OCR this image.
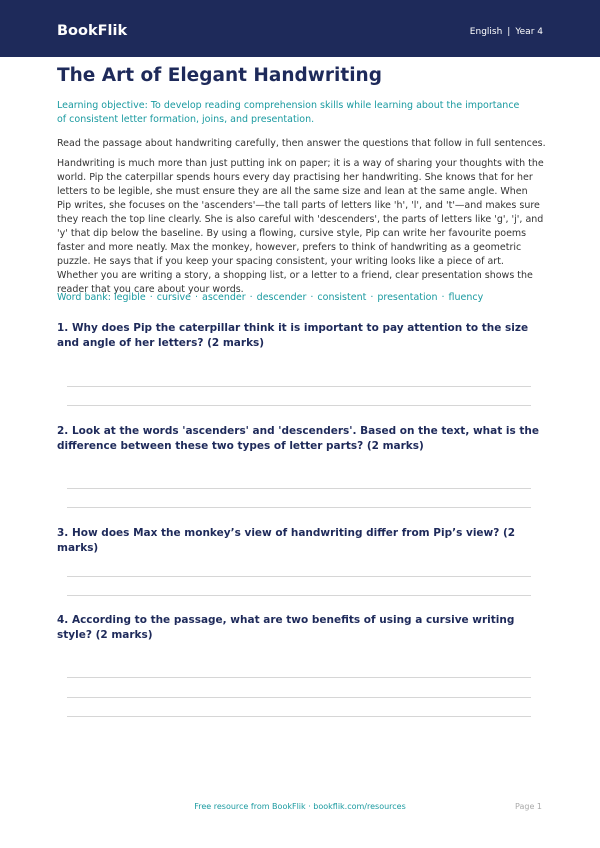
BookFlik	English | Year 4
The Art of Elegant Handwriting

Learning objective: To develop reading comprehension skills while learning about the importance of consistent letter formation, joins, and presentation.

Read the passage about handwriting carefully, then answer the questions that follow in full sentences.

Handwriting is much more than just putting ink on paper; it is a way of sharing your thoughts with the world. Pip the caterpillar spends hours every day practising her handwriting. She knows that for her letters to be legible, she must ensure they are all the same size and lean at the same angle. When Pip writes, she focuses on the 'ascenders'—the tall parts of letters like 'h', 'l', and 't'—and makes sure they reach the top line clearly. She is also careful with 'descenders', the parts of letters like 'g', 'j', and 'y' that dip below the baseline. By using a flowing, cursive style, Pip can write her favourite poems faster and more neatly. Max the monkey, however, prefers to think of handwriting as a geometric puzzle. He says that if you keep your spacing consistent, your writing looks like a piece of art. Whether you are writing a story, a shopping list, or a letter to a friend, clear presentation shows the reader that you care about your words.

Word bank: legible · cursive · ascender · descender · consistent · presentation · fluency

1. Why does Pip the caterpillar think it is important to pay attention to the size and angle of her letters? (2 marks)

2. Look at the words 'ascenders' and 'descenders'. Based on the text, what is the difference between these two types of letter parts? (2 marks)

3. How does Max the monkey’s view of handwriting differ from Pip’s view? (2 marks)

4. According to the passage, what are two benefits of using a cursive writing style? (2 marks)

Free resource from BookFlik · bookflik.com/resources	Page 1
